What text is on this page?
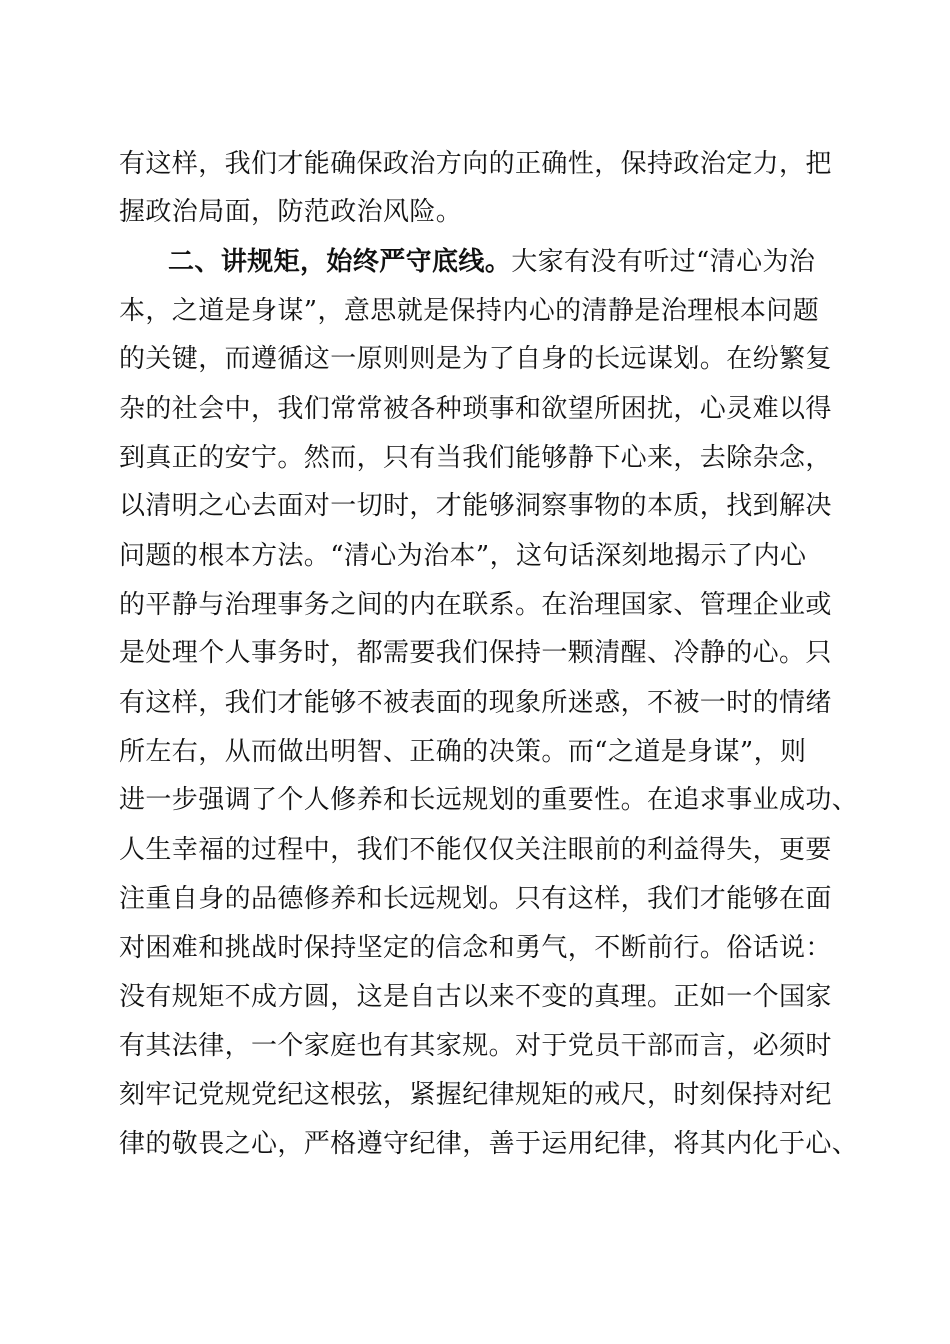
有这样，我们才能确保政治方向的正确性，保持政治定力，把
握政治局面，防范政治风险。
二、讲规矩，始终严守底线。大家有没有听过“清心为治
本，之道是身谋”，意思就是保持内心的清静是治理根本问题
的关键，而遵循这一原则则是为了自身的长远谋划。在纷繁复
杂的社会中，我们常常被各种琐事和欲望所困扰，心灵难以得
到真正的安宁。然而，只有当我们能够静下心来，去除杂念，
以清明之心去面对一切时，才能够洞察事物的本质，找到解决
问题的根本方法。“清心为治本”，这句话深刻地揭示了内心
的平静与治理事务之间的内在联系。在治理国家、管理企业或
是处理个人事务时，都需要我们保持一颗清醒、冷静的心。只
有这样，我们才能够不被表面的现象所迷惑，不被一时的情绪
所左右，从而做出明智、正确的决策。而“之道是身谋”，则
进一步强调了个人修养和长远规划的重要性。在追求事业成功、
人生幸福的过程中，我们不能仅仅关注眼前的利益得失，更要
注重自身的品德修养和长远规划。只有这样，我们才能够在面
对困难和挑战时保持坚定的信念和勇气，不断前行。俗话说：
没有规矩不成方圆，这是自古以来不变的真理。正如一个国家
有其法律，一个家庭也有其家规。对于党员干部而言，必须时
刻牢记党规党纪这根弦，紧握纪律规矩的戒尺，时刻保持对纪
律的敬畏之心，严格遵守纪律，善于运用纪律，将其内化于心、
